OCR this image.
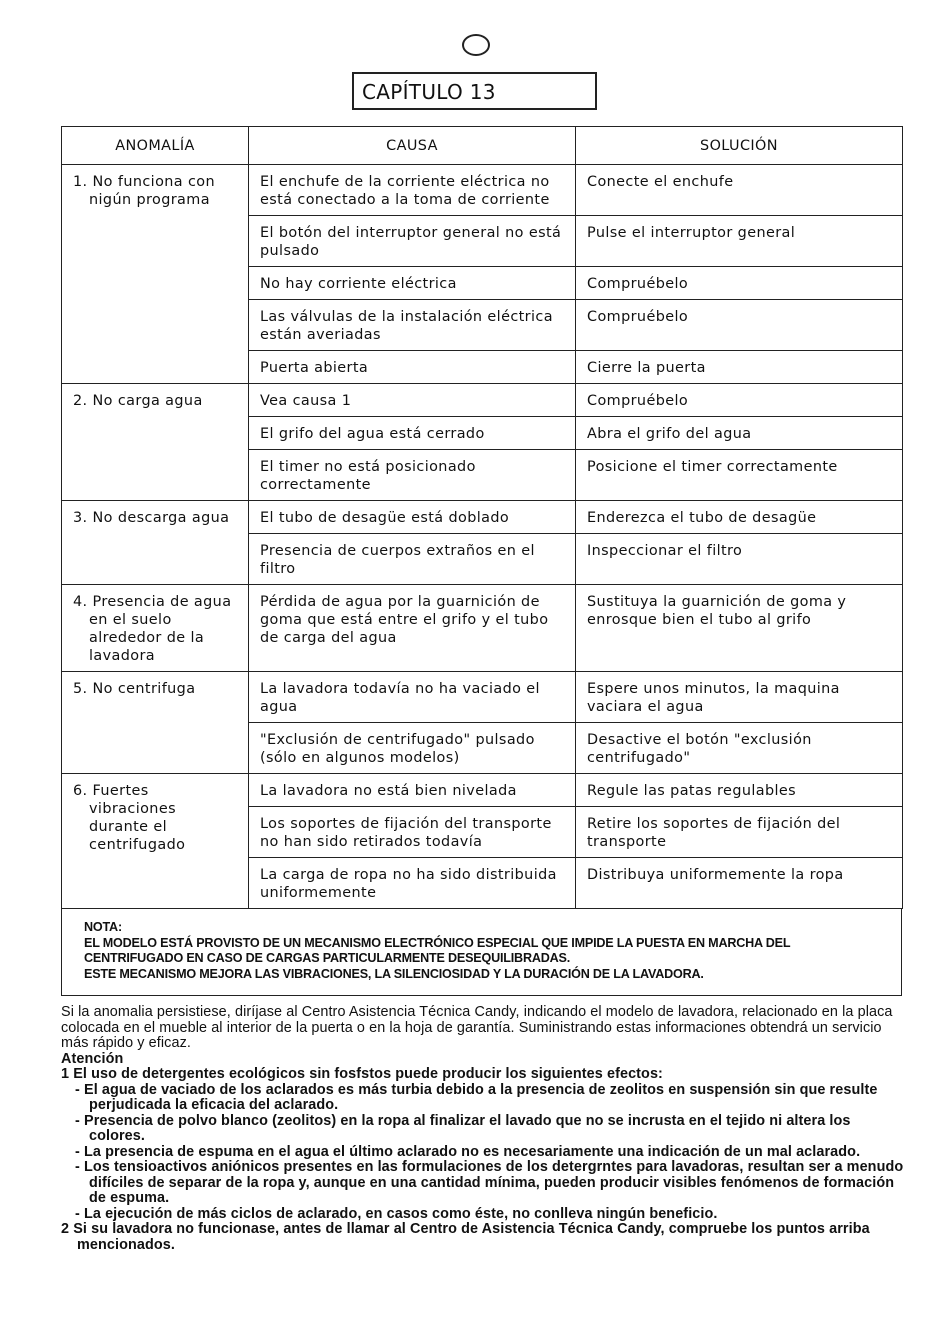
CAPÍTULO 13
ANOMALÍA	CAUSA	SOLUCIÓN

1. No funciona con nigún programa	El enchufe de la corriente eléctrica no está conectado a la toma de corriente	Conecte el enchufe
	El botón del interruptor general no está pulsado	Pulse el interruptor general
	No hay corriente eléctrica	Compruébelo
	Las válvulas de la instalación eléctrica están averiadas	Compruébelo
	Puerta abierta	Cierre la puerta

2. No carga agua	Vea causa 1	Compruébelo
	El grifo del agua está cerrado	Abra el grifo del agua
	El timer no está posicionado correctamente	Posicione el timer correctamente

3. No descarga agua	El tubo de desagüe está doblado	Enderezca el tubo de desagüe
	Presencia de cuerpos extraños en el filtro	Inspeccionar el filtro

4. Presencia de agua en el suelo alrededor de la lavadora	Pérdida de agua por la guarnición de goma que está entre el grifo y el tubo de carga del agua	Sustituya la guarnición de goma y enrosque bien el tubo al grifo

5. No centrifuga	La lavadora todavía no ha vaciado el agua	Espere unos minutos, la maquina vaciara el agua
	"Exclusión de centrifugado" pulsado (sólo en algunos modelos)	Desactive el botón "exclusión centrifugado"

6. Fuertes vibraciones durante el centrifugado	La lavadora no está bien nivelada	Regule las patas regulables
	Los soportes de fijación del transporte no han sido retirados todavía	Retire los soportes de fijación del transporte
	La carga de ropa no ha sido distribuida uniformemente	Distribuya uniformemente la ropa
NOTA:
EL MODELO ESTÁ PROVISTO DE UN MECANISMO ELECTRÓNICO ESPECIAL QUE IMPIDE LA PUESTA EN MARCHA DEL
CENTRIFUGADO EN CASO DE CARGAS PARTICULARMENTE DESEQUILIBRADAS.
ESTE MECANISMO MEJORA LAS VIBRACIONES, LA SILENCIOSIDAD Y LA DURACIÓN DE LA LAVADORA.

Si la anomalia persistiese, diríjase al Centro Asistencia Técnica Candy, indicando el modelo de lavadora, relacionado en la placa colocada en el mueble al interior de la puerta o en la hoja de garantía. Suministrando estas informaciones obtendrá un servicio más rápido y eficaz.

Atención

1 El uso de detergentes ecológicos sin fosfstos puede producir los siguientes efectos:

- El agua de vaciado de los aclarados es más turbia debido a la presencia de zeolitos en suspensión sin que resulte perjudicada la eficacia del aclarado.

- Presencia de polvo blanco (zeolitos) en la ropa al finalizar el lavado que no se incrusta en el tejido ni altera los colores.

- La presencia de espuma en el agua el último aclarado no es necesariamente una indicación de un mal aclarado.

- Los tensioactivos aniónicos presentes en las formulaciones de los detergrntes para lavadoras, resultan ser a menudo difíciles de separar de la ropa y, aunque en una cantidad mínima, pueden producir visibles fenómenos de formación de espuma.

- La ejecución de más ciclos de aclarado, en casos como éste, no conlleva ningún beneficio.

2 Si su lavadora no funcionase, antes de llamar al Centro de Asistencia Técnica Candy, compruebe los puntos arriba mencionados.
